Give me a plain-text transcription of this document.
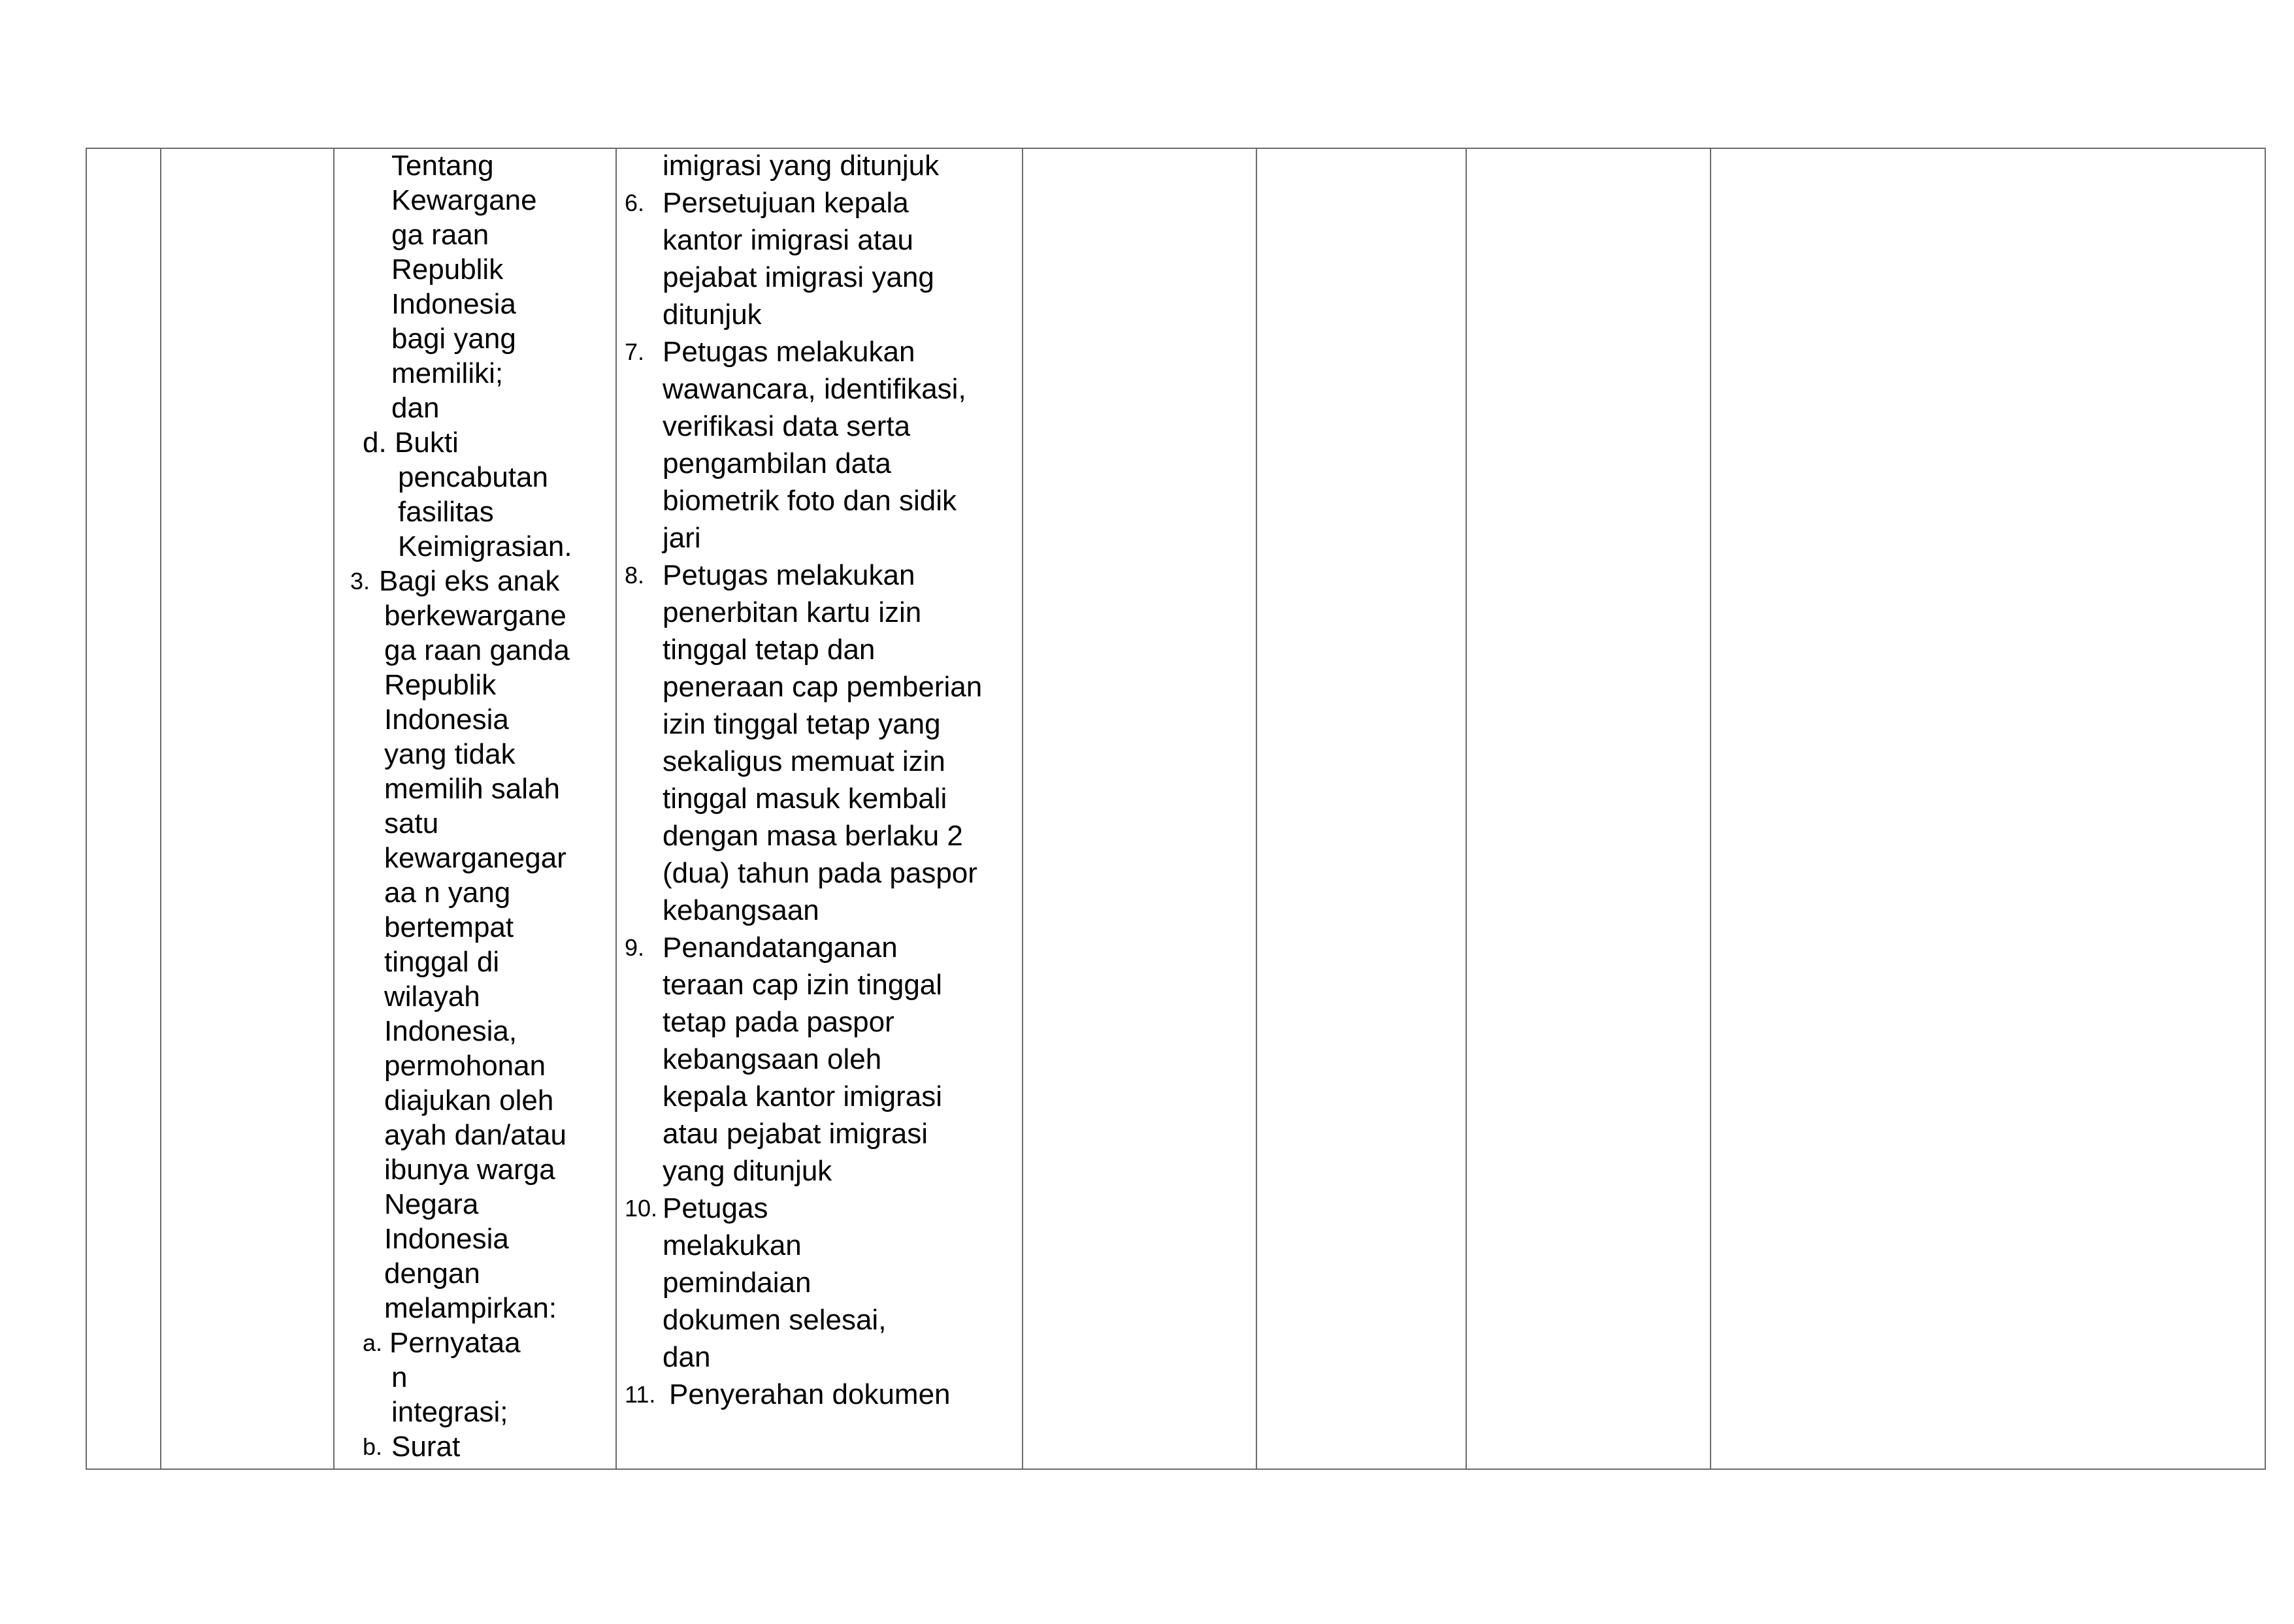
Tentang
Kewargane
ga raan
Republik
Indonesia
bagi yang
memiliki;
dan
d. Bukti
pencabutan
fasilitas
Keimigrasian.
3. Bagi eks anak
berkewargane
ga raan ganda
Republik
Indonesia
yang tidak
memilih salah
satu
kewarganegar
aa n yang
bertempat
tinggal di
wilayah
Indonesia,
permohonan
diajukan oleh
ayah dan/atau
ibunya warga
Negara
Indonesia
dengan
melampirkan:
a. Pernyataa
n
integrasi;
b. Surat
imigrasi yang ditunjuk
6. Persetujuan kepala
kantor imigrasi atau
pejabat imigrasi yang
ditunjuk
7. Petugas melakukan
wawancara, identifikasi,
verifikasi data serta
pengambilan data
biometrik foto dan sidik
jari
8. Petugas melakukan
penerbitan kartu izin
tinggal tetap dan
peneraan cap pemberian
izin tinggal tetap yang
sekaligus memuat izin
tinggal masuk kembali
dengan masa berlaku 2
(dua) tahun pada paspor
kebangsaan
9. Penandatanganan
teraan cap izin tinggal
tetap pada paspor
kebangsaan oleh
kepala kantor imigrasi
atau pejabat imigrasi
yang ditunjuk
10. Petugas
melakukan
pemindaian
dokumen selesai,
dan
11. Penyerahan dokumen
